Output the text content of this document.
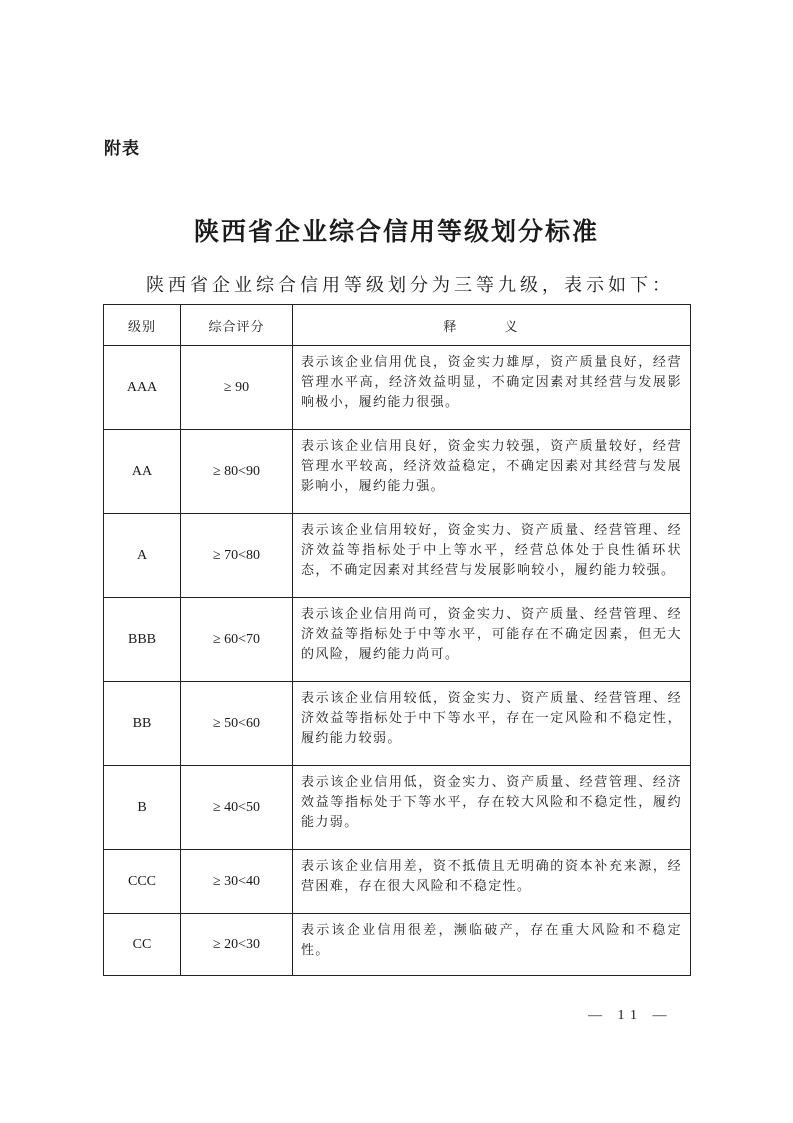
附表
陕西省企业综合信用等级划分标准
陕西省企业综合信用等级划分为三等九级，表示如下：
级别	综合评分	释 义
AAA	≥ 90	表示该企业信用优良，资金实力雄厚，资产质量良好，经营管理水平高，经济效益明显，不确定因素对其经营与发展影响极小，履约能力很强。
AA	≥ 80<90	表示该企业信用良好，资金实力较强，资产质量较好，经营管理水平较高，经济效益稳定，不确定因素对其经营与发展影响小，履约能力强。
A	≥ 70<80	表示该企业信用较好，资金实力、资产质量、经营管理、经济效益等指标处于中上等水平，经营总体处于良性循环状态，不确定因素对其经营与发展影响较小，履约能力较强。
BBB	≥ 60<70	表示该企业信用尚可，资金实力、资产质量、经营管理、经济效益等指标处于中等水平，可能存在不确定因素，但无大的风险，履约能力尚可。
BB	≥ 50<60	表示该企业信用较低，资金实力、资产质量、经营管理、经济效益等指标处于中下等水平，存在一定风险和不稳定性，履约能力较弱。
B	≥ 40<50	表示该企业信用低，资金实力、资产质量、经营管理、经济效益等指标处于下等水平，存在较大风险和不稳定性，履约能力弱。
CCC	≥ 30<40	表示该企业信用差，资不抵债且无明确的资本补充来源，经营困难，存在很大风险和不稳定性。
CC	≥ 20<30	表示该企业信用很差，濒临破产，存在重大风险和不稳定性。
— 11 —
